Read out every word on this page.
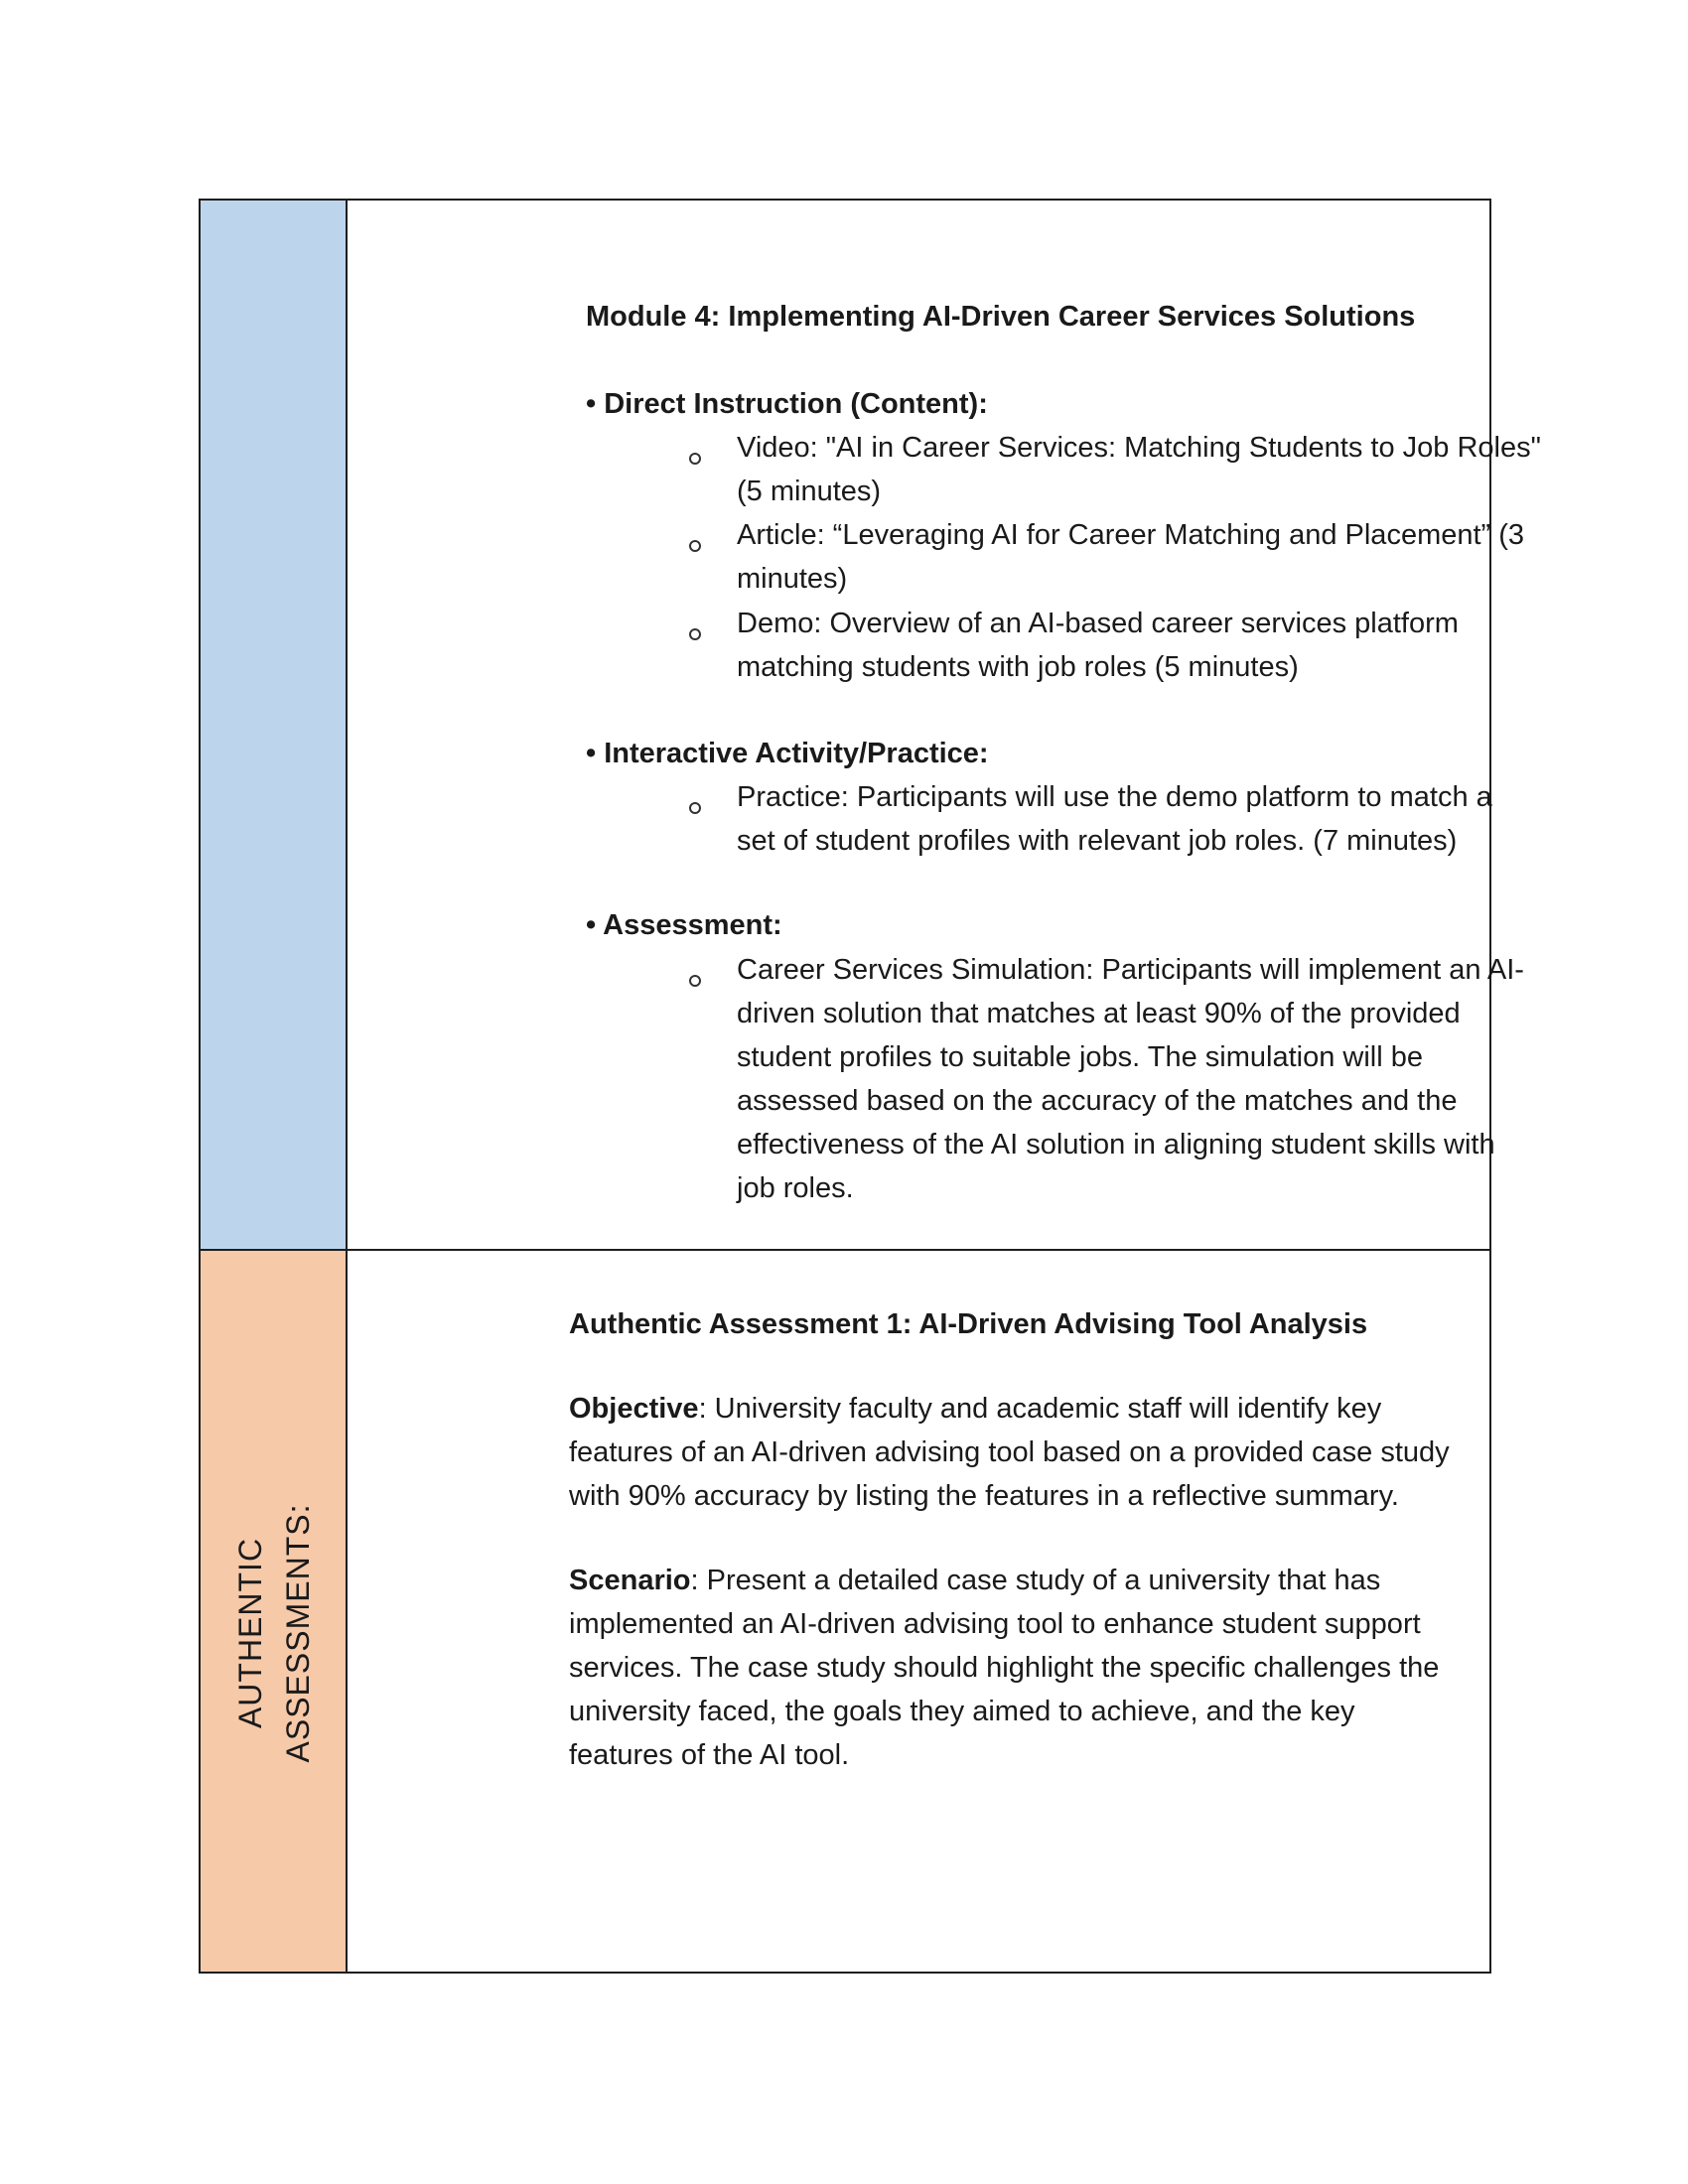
Module 4: Implementing AI-Driven Career Services Solutions
• Direct Instruction (Content):
Video: "AI in Career Services: Matching Students to Job Roles"
(5 minutes)
Article: “Leveraging AI for Career Matching and Placement” (3
minutes)
Demo: Overview of an AI-based career services platform
matching students with job roles (5 minutes)
• Interactive Activity/Practice:
Practice: Participants will use the demo platform to match a
set of student profiles with relevant job roles. (7 minutes)
• Assessment:
Career Services Simulation: Participants will implement an AI-
driven solution that matches at least 90% of the provided
student profiles to suitable jobs. The simulation will be
assessed based on the accuracy of the matches and the
effectiveness of the AI solution in aligning student skills with
job roles.
AUTHENTIC ASSESSMENTS:
Authentic Assessment 1: AI-Driven Advising Tool Analysis
Objective: University faculty and academic staff will identify key
features of an AI-driven advising tool based on a provided case study
with 90% accuracy by listing the features in a reflective summary.
Scenario: Present a detailed case study of a university that has
implemented an AI-driven advising tool to enhance student support
services. The case study should highlight the specific challenges the
university faced, the goals they aimed to achieve, and the key
features of the AI tool.
